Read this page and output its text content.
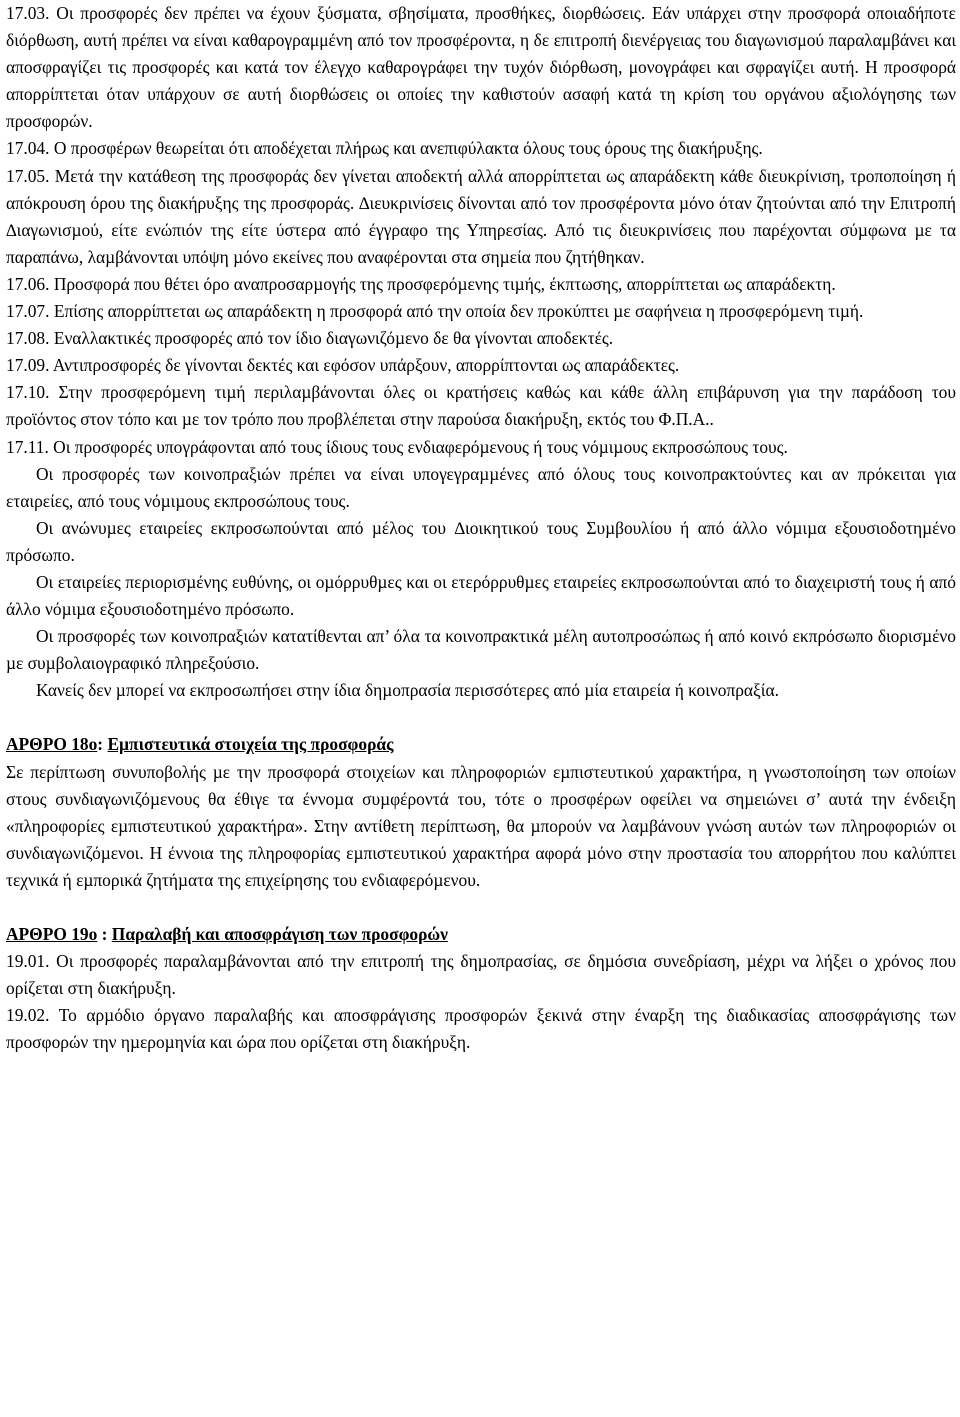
17.03. Οι προσφορές δεν πρέπει να έχουν ξύσματα, σβησίματα, προσθήκες, διορθώσεις. Εάν υπάρχει στην προσφορά οποιαδήποτε διόρθωση, αυτή πρέπει να είναι καθαρογραμμένη από τον προσφέροντα, η δε επιτροπή διενέργειας του διαγωνισμού παραλαμβάνει και αποσφραγίζει τις προσφορές και κατά τον έλεγχο καθαρογράφει την τυχόν διόρθωση, μονογράφει και σφραγίζει αυτή. Η προσφορά απορρίπτεται όταν υπάρχουν σε αυτή διορθώσεις οι οποίες την καθιστούν ασαφή κατά τη κρίση του οργάνου αξιολόγησης των προσφορών.

17.04. Ο προσφέρων θεωρείται ότι αποδέχεται πλήρως και ανεπιφύλακτα όλους τους όρους της διακήρυξης.

17.05. Μετά την κατάθεση της προσφοράς δεν γίνεται αποδεκτή αλλά απορρίπτεται ως απαράδεκτη κάθε διευκρίνιση, τροποποίηση ή απόκρουση όρου της διακήρυξης της προσφοράς. ∆ιευκρινίσεις δίνονται από τον προσφέροντα µόνο όταν ζητούνται από την Επιτροπή ∆ιαγωνισµού, είτε ενώπιόν της είτε ύστερα από έγγραφο της Υπηρεσίας. Από τις διευκρινίσεις που παρέχονται σύµφωνα µε τα παραπάνω, λαµβάνονται υπόψη µόνο εκείνες που αναφέρονται στα σηµεία που ζητήθηκαν.

17.06. Προσφορά που θέτει όρο αναπροσαρµογής της προσφερόµενης τιµής, έκπτωσης, απορρίπτεται ως απαράδεκτη.

17.07. Επίσης απορρίπτεται ως απαράδεκτη η προσφορά από την οποία δεν προκύπτει µε σαφήνεια η προσφερόµενη τιµή.

17.08. Εναλλακτικές προσφορές από τον ίδιο διαγωνιζόµενο δε θα γίνονται αποδεκτές.

17.09. Αντιπροσφορές δε γίνονται δεκτές και εφόσον υπάρξουν, απορρίπτονται ως απαράδεκτες.

17.10. Στην προσφερόµενη τιµή περιλαµβάνονται όλες οι κρατήσεις καθώς και κάθε άλλη επιβάρυνση για την παράδοση του προϊόντος στον τόπο και µε τον τρόπο που προβλέπεται στην παρούσα διακήρυξη, εκτός του Φ.Π.Α..

17.11. Οι προσφορές υπογράφονται από τους ίδιους τους ενδιαφερόµενους ή τους νόµιµους εκπροσώπους τους.

Οι προσφορές των κοινοπραξιών πρέπει να είναι υπογεγραµµένες από όλους τους κοινοπρακτούντες και αν πρόκειται για εταιρείες, από τους νόµιµους εκπροσώπους τους.

Οι ανώνυµες εταιρείες εκπροσωπούνται από µέλος του ∆ιοικητικού τους Συµβουλίου ή από άλλο νόµιµα εξουσιοδοτηµένο πρόσωπο.

Οι εταιρείες περιορισµένης ευθύνης, οι οµόρρυθµες και οι ετερόρρυθµες εταιρείες εκπροσωπούνται από το διαχειριστή τους ή από άλλο νόµιµα εξουσιοδοτηµένο πρόσωπο.

Οι προσφορές των κοινοπραξιών κατατίθενται απ’ όλα τα κοινοπρακτικά µέλη αυτοπροσώπως ή από κοινό εκπρόσωπο διορισµένο µε συµβολαιογραφικό πληρεξούσιο.

Κανείς δεν µπορεί να εκπροσωπήσει στην ίδια δηµοπρασία περισσότερες από µία εταιρεία ή κοινοπραξία.

ΑΡΘΡΟ 18ο: Εµπιστευτικά στοιχεία της προσφοράς

Σε περίπτωση συνυποβολής µε την προσφορά στοιχείων και πληροφοριών εµπιστευτικού χαρακτήρα, η γνωστοποίηση των οποίων στους συνδιαγωνιζόµενους θα έθιγε τα έννοµα συµφέροντά του, τότε ο προσφέρων οφείλει να σηµειώνει σ’ αυτά την ένδειξη «πληροφορίες εµπιστευτικού χαρακτήρα». Στην αντίθετη περίπτωση, θα µπορούν να λαµβάνουν γνώση αυτών των πληροφοριών οι συνδιαγωνιζόµενοι. Η έννοια της πληροφορίας εµπιστευτικού χαρακτήρα αφορά µόνο στην προστασία του απορρήτου που καλύπτει τεχνικά ή εµπορικά ζητήµατα της επιχείρησης του ενδιαφερόµενου.

ΑΡΘΡΟ 19ο : Παραλαβή και αποσφράγιση των προσφορών

19.01. Οι προσφορές παραλαµβάνονται από την επιτροπή της δηµοπρασίας, σε δηµόσια συνεδρίαση, µέχρι να λήξει ο χρόνος που ορίζεται στη διακήρυξη.

19.02. Το αρµόδιο όργανο παραλαβής και αποσφράγισης προσφορών ξεκινά στην έναρξη της διαδικασίας αποσφράγισης των προσφορών την ηµεροµηνία και ώρα που ορίζεται στη διακήρυξη.
